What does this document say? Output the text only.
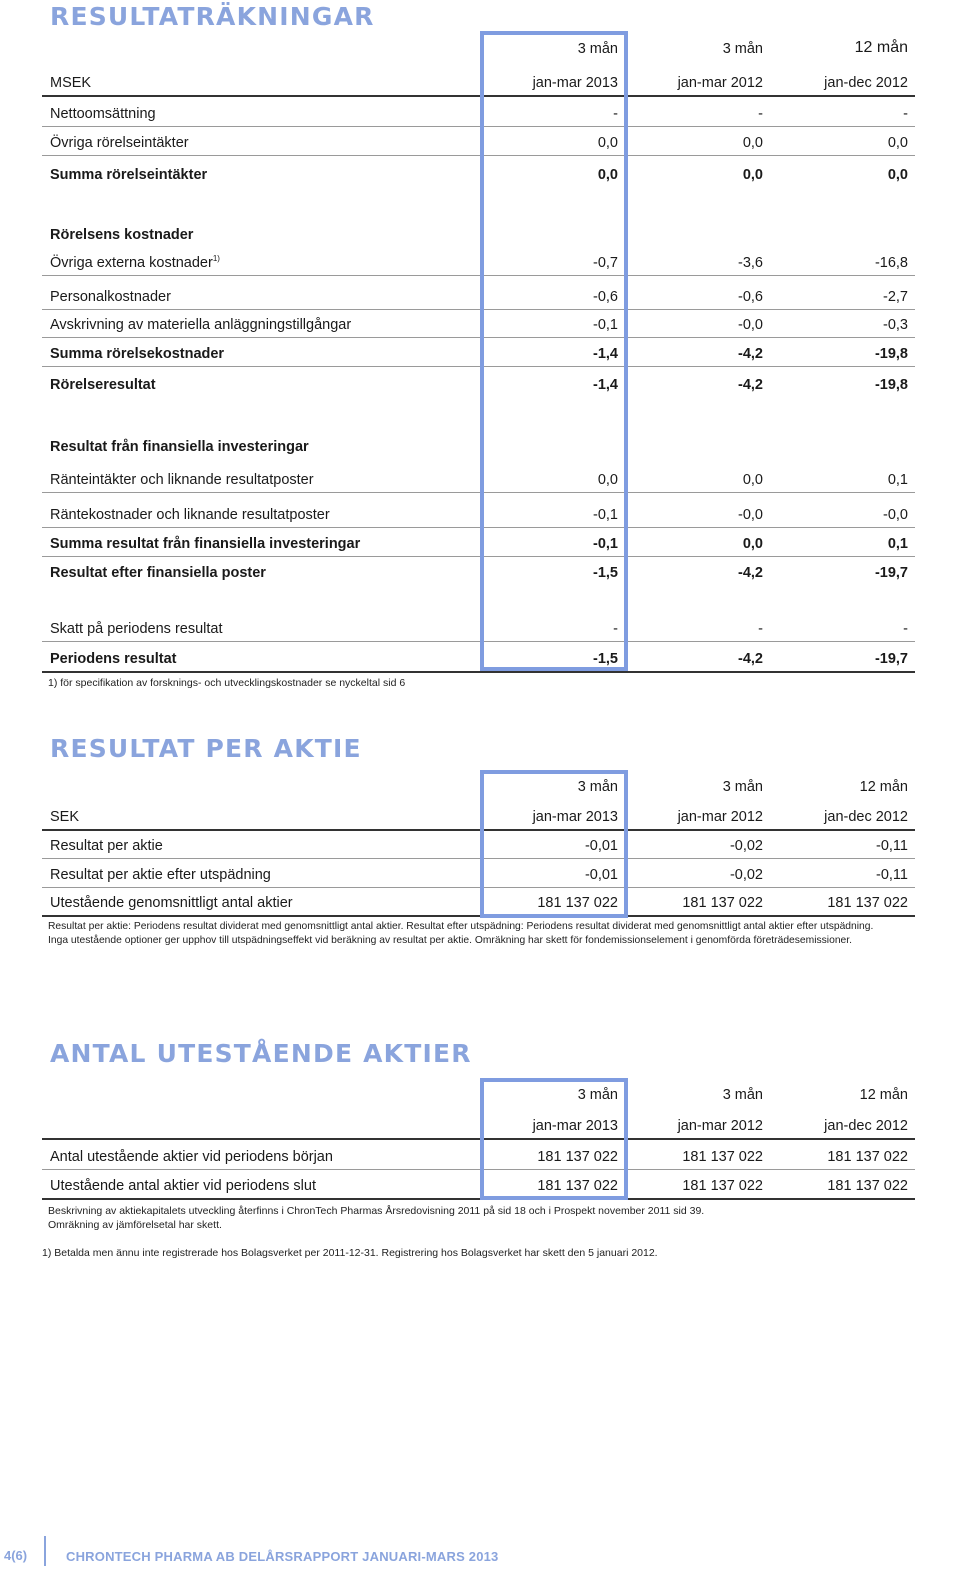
RESULTATRÄKNINGAR
3 mån	3 mån	12 mån
MSEK	jan-mar 2013	jan-mar 2012	jan-dec 2012
Nettoomsättning	-	-	-
Övriga rörelseintäkter	0,0	0,0	0,0
Summa rörelseintäkter	0,0	0,0	0,0
Rörelsens kostnader
Övriga externa kostnader$^{1)}$	-0,7	-3,6	-16,8
Personalkostnader	-0,6	-0,6	-2,7
Avskrivning av materiella anläggningstillgångar	-0,1	-0,0	-0,3
Summa rörelsekostnader	-1,4	-4,2	-19,8
Rörelseresultat	-1,4	-4,2	-19,8
Resultat från finansiella investeringar
Ränteintäkter och liknande resultatposter	0,0	0,0	0,1
Räntekostnader och liknande resultatposter	-0,1	-0,0	-0,0
Summa resultat från finansiella investeringar	-0,1	0,0	0,1
Resultat efter finansiella poster	-1,5	-4,2	-19,7
Skatt på periodens resultat	-	-	-
Periodens resultat	-1,5	-4,2	-19,7
1) för specifikation av forsknings- och utvecklingskostnader se nyckeltal sid 6
RESULTAT PER AKTIE
3 mån	3 mån	12 mån
SEK	jan-mar 2013	jan-mar 2012	jan-dec 2012
Resultat per aktie	-0,01	-0,02	-0,11
Resultat per aktie efter utspädning	-0,01	-0,02	-0,11
Utestående genomsnittligt antal aktier	181 137 022	181 137 022	181 137 022
Resultat per aktie: Periodens resultat dividerat med genomsnittligt antal aktier. Resultat efter utspädning: Periodens resultat dividerat med genomsnittligt antal aktier efter utspädning.
Inga utestående optioner ger upphov till utspädningseffekt vid beräkning av resultat per aktie. Omräkning har skett för fondemissionselement i genomförda företrädesemissioner.
ANTAL UTESTÅENDE AKTIER
3 mån	3 mån	12 mån
jan-mar 2013	jan-mar 2012	jan-dec 2012
Antal utestående aktier vid periodens början	181 137 022	181 137 022	181 137 022
Utestående antal aktier vid periodens slut	181 137 022	181 137 022	181 137 022
Beskrivning av aktiekapitalets utveckling återfinns i ChronTech Pharmas Årsredovisning 2011 på sid 18 och i Prospekt november 2011 sid 39.
Omräkning av jämförelsetal har skett.
1) Betalda men ännu inte registrerade hos Bolagsverket per 2011-12-31. Registrering hos Bolagsverket har skett den 5 januari 2012.
4(6)	CHRONTECH PHARMA AB DELÅRSRAPPORT JANUARI-MARS 2013
